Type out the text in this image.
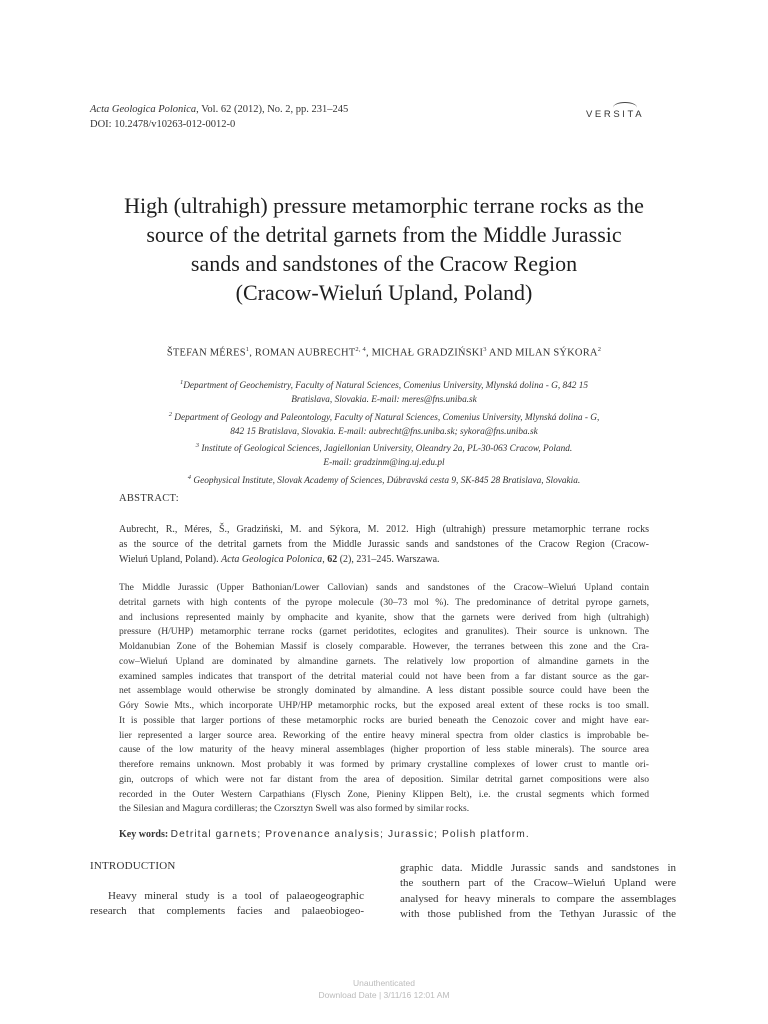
Acta Geologica Polonica, Vol. 62 (2012), No. 2, pp. 231–245
DOI: 10.2478/v10263-012-0012-0
VERSITA
High (ultrahigh) pressure metamorphic terrane rocks as the
source of the detrital garnets from the Middle Jurassic
sands and sandstones of the Cracow Region
(Cracow-Wieluń Upland, Poland)
ŠTEFAN MÉRES$^1$, ROMAN AUBRECHT$^{2, 4}$, MICHAŁ GRADZIŃSKI$^3$ AND MILAN SÝKORA$^2$
$^1$Department of Geochemistry, Faculty of Natural Sciences, Comenius University, Mlynská dolina - G, 842 15
Bratislava, Slovakia. E-mail: meres@fns.uniba.sk
$^2$ Department of Geology and Paleontology, Faculty of Natural Sciences, Comenius University, Mlynská dolina - G,
842 15 Bratislava, Slovakia. E-mail: aubrecht@fns.uniba.sk; sykora@fns.uniba.sk
$^3$ Institute of Geological Sciences, Jagiellonian University, Oleandry 2a, PL-30-063 Cracow, Poland.
E-mail: gradzinm@ing.uj.edu.pl
$^4$ Geophysical Institute, Slovak Academy of Sciences, Dúbravská cesta 9, SK-845 28 Bratislava, Slovakia.
ABSTRACT:
Aubrecht, R., Méres, Š., Gradziński, M. and Sýkora, M. 2012. High (ultrahigh) pressure metamorphic terrane rocks
as the source of the detrital garnets from the Middle Jurassic sands and sandstones of the Cracow Region (Cracow-
Wieluń Upland, Poland). Acta Geologica Polonica, 62 (2), 231–245. Warszawa.
The Middle Jurassic (Upper Bathonian/Lower Callovian) sands and sandstones of the Cracow–Wieluń Upland contain
detrital garnets with high contents of the pyrope molecule (30–73 mol %). The predominance of detrital pyrope garnets,
and inclusions represented mainly by omphacite and kyanite, show that the garnets were derived from high (ultrahigh)
pressure (H/UHP) metamorphic terrane rocks (garnet peridotites, eclogites and granulites). Their source is unknown. The
Moldanubian Zone of the Bohemian Massif is closely comparable. However, the terranes between this zone and the Cra-
cow–Wieluń Upland are dominated by almandine garnets. The relatively low proportion of almandine garnets in the
examined samples indicates that transport of the detrital material could not have been from a far distant source as the gar-
net assemblage would otherwise be strongly dominated by almandine. A less distant possible source could have been the
Góry Sowie Mts., which incorporate UHP/HP metamorphic rocks, but the exposed areal extent of these rocks is too small.
It is possible that larger portions of these metamorphic rocks are buried beneath the Cenozoic cover and might have ear-
lier represented a larger source area. Reworking of the entire heavy mineral spectra from older clastics is improbable be-
cause of the low maturity of the heavy mineral assemblages (higher proportion of less stable minerals). The source area
therefore remains unknown. Most probably it was formed by primary crystalline complexes of lower crust to mantle ori-
gin, outcrops of which were not far distant from the area of deposition. Similar detrital garnet compositions were also
recorded in the Outer Western Carpathians (Flysch Zone, Pieniny Klippen Belt), i.e. the crustal segments which formed
the Silesian and Magura cordilleras; the Czorsztyn Swell was also formed by similar rocks.
Key words: Detrital garnets; Provenance analysis; Jurassic; Polish platform.
INTRODUCTION
Heavy mineral study is a tool of palaeogeographic
research that complements facies and palaeobiogeo-
graphic data. Middle Jurassic sands and sandstones in
the southern part of the Cracow–Wieluń Upland were
analysed for heavy minerals to compare the assemblages
with those published from the Tethyan Jurassic of the
Unauthenticated
Download Date | 3/11/16 12:01 AM
